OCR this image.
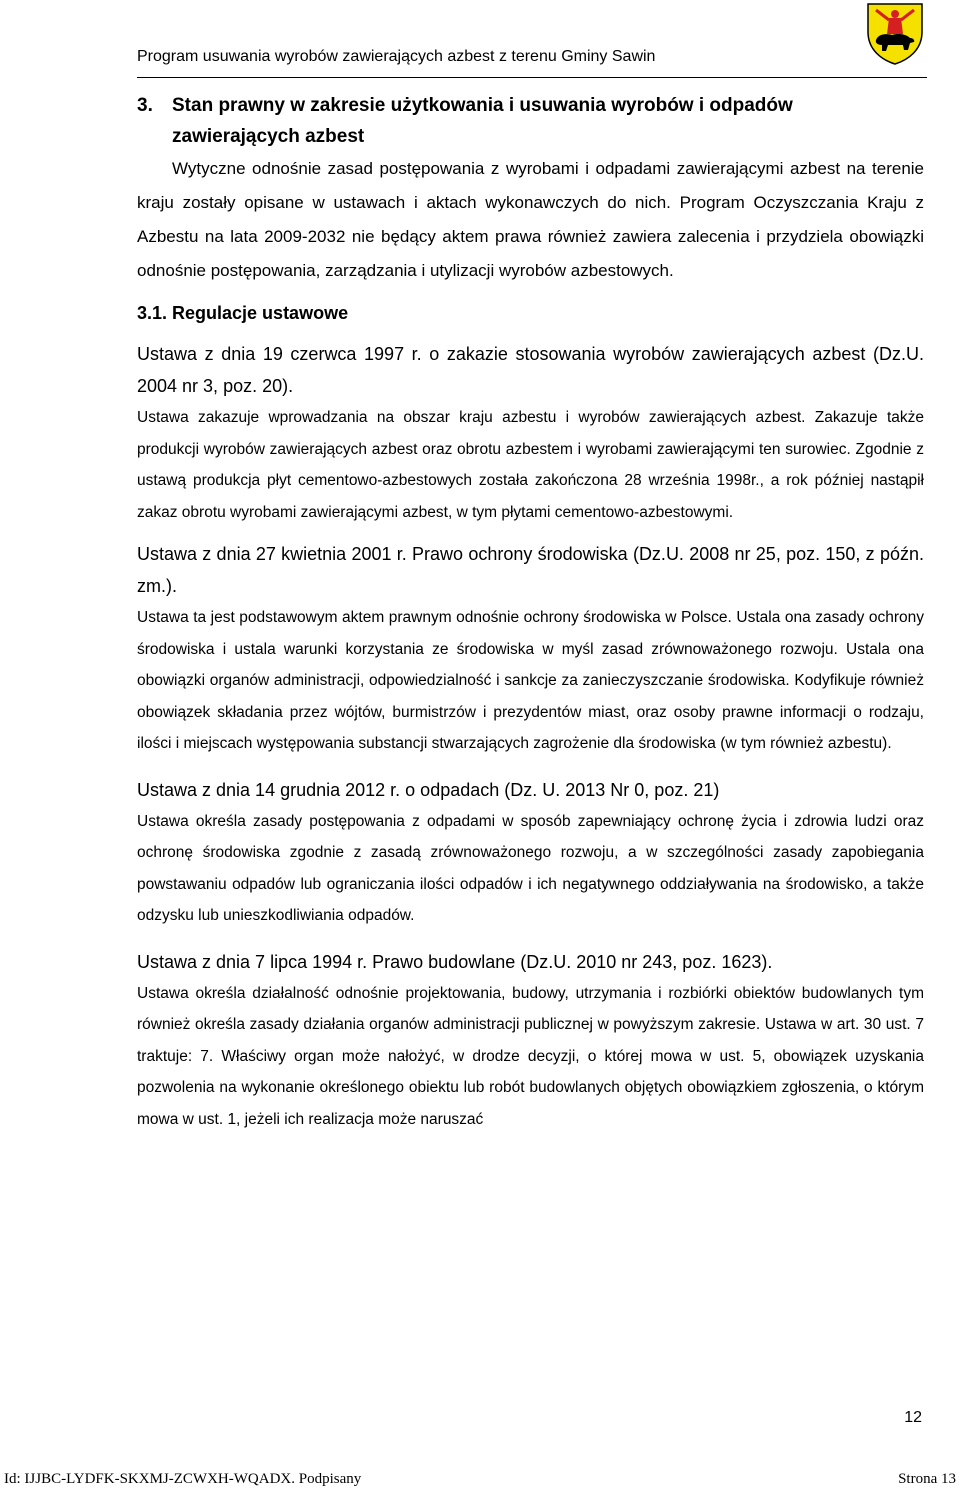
Program usuwania wyrobów zawierających azbest z terenu Gminy Sawin
3. Stan prawny w zakresie użytkowania i usuwania wyrobów i odpadów zawierających azbest

Wytyczne odnośnie zasad postępowania z wyrobami i odpadami zawierającymi azbest na terenie kraju zostały opisane w ustawach i aktach wykonawczych do nich. Program Oczyszczania Kraju z Azbestu na lata 2009-2032 nie będący aktem prawa również zawiera zalecenia i przydziela obowiązki odnośnie postępowania, zarządzania i utylizacji wyrobów azbestowych.

3.1. Regulacje ustawowe

Ustawa z dnia 19 czerwca 1997 r. o zakazie stosowania wyrobów zawierających azbest (Dz.U. 2004 nr 3, poz. 20).

Ustawa zakazuje wprowadzania na obszar kraju azbestu i wyrobów zawierających azbest. Zakazuje także produkcji wyrobów zawierających azbest oraz obrotu azbestem i wyrobami zawierającymi ten surowiec. Zgodnie z ustawą produkcja płyt cementowo-azbestowych została zakończona 28 września 1998r., a rok później nastąpił zakaz obrotu wyrobami zawierającymi azbest, w tym płytami cementowo-azbestowymi.

Ustawa z dnia 27 kwietnia 2001 r. Prawo ochrony środowiska (Dz.U. 2008 nr 25, poz. 150, z późn. zm.).

Ustawa ta jest podstawowym aktem prawnym odnośnie ochrony środowiska w Polsce. Ustala ona zasady ochrony środowiska i ustala warunki korzystania ze środowiska w myśl zasad zrównoważonego rozwoju. Ustala ona obowiązki organów administracji, odpowiedzialność i sankcje za zanieczyszczanie środowiska. Kodyfikuje również obowiązek składania przez wójtów, burmistrzów i prezydentów miast, oraz osoby prawne informacji o rodzaju, ilości i miejscach występowania substancji stwarzających zagrożenie dla środowiska (w tym również azbestu).

Ustawa z dnia 14 grudnia 2012 r. o odpadach (Dz. U. 2013 Nr 0, poz. 21)

Ustawa określa zasady postępowania z odpadami w sposób zapewniający ochronę życia i zdrowia ludzi oraz ochronę środowiska zgodnie z zasadą zrównoważonego rozwoju, a w szczególności zasady zapobiegania powstawaniu odpadów lub ograniczania ilości odpadów i ich negatywnego oddziaływania na środowisko, a także odzysku lub unieszkodliwiania odpadów.

Ustawa z dnia 7 lipca 1994 r. Prawo budowlane (Dz.U. 2010 nr 243, poz. 1623).

Ustawa określa działalność odnośnie projektowania, budowy, utrzymania i rozbiórki obiektów budowlanych tym również określa zasady działania organów administracji publicznej w powyższym zakresie. Ustawa w art. 30 ust. 7 traktuje: 7. Właściwy organ może nałożyć, w drodze decyzji, o której mowa w ust. 5, obowiązek uzyskania pozwolenia na wykonanie określonego obiektu lub robót budowlanych objętych obowiązkiem zgłoszenia, o którym mowa w ust. 1, jeżeli ich realizacja może naruszać

12
Id: IJJBC-LYDFK-SKXMJ-ZCWXH-WQADX. Podpisany	Strona 13
